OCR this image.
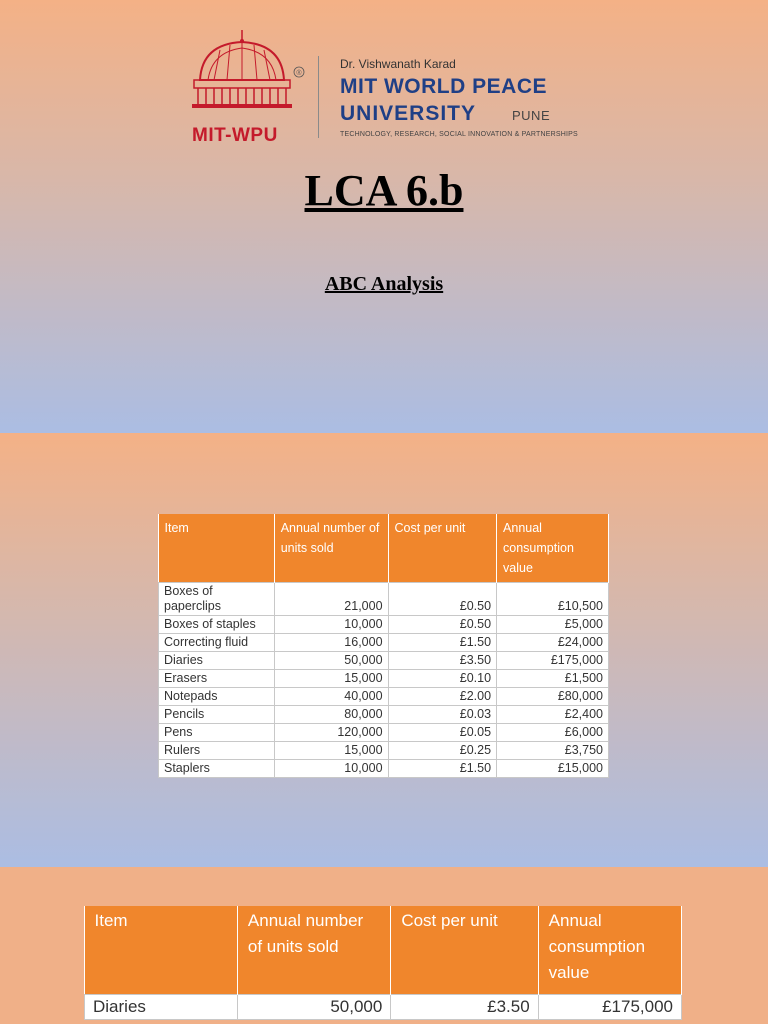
®
MIT-WPU
Dr. Vishwanath Karad
MIT WORLD PEACE
UNIVERSITY	PUNE
TECHNOLOGY, RESEARCH, SOCIAL INNOVATION & PARTNERSHIPS
LCA 6.b
ABC Analysis
Item	Annual number of units sold	Cost per unit	Annual consumption value
Boxes of paperclips	21,000	£0.50	£10,500
Boxes of staples	10,000	£0.50	£5,000
Correcting fluid	16,000	£1.50	£24,000
Diaries	50,000	£3.50	£175,000
Erasers	15,000	£0.10	£1,500
Notepads	40,000	£2.00	£80,000
Pencils	80,000	£0.03	£2,400
Pens	120,000	£0.05	£6,000
Rulers	15,000	£0.25	£3,750
Staplers	10,000	£1.50	£15,000
Item	Annual number of units sold	Cost per unit	Annual consumption value
Diaries	50,000	£3.50	£175,000
